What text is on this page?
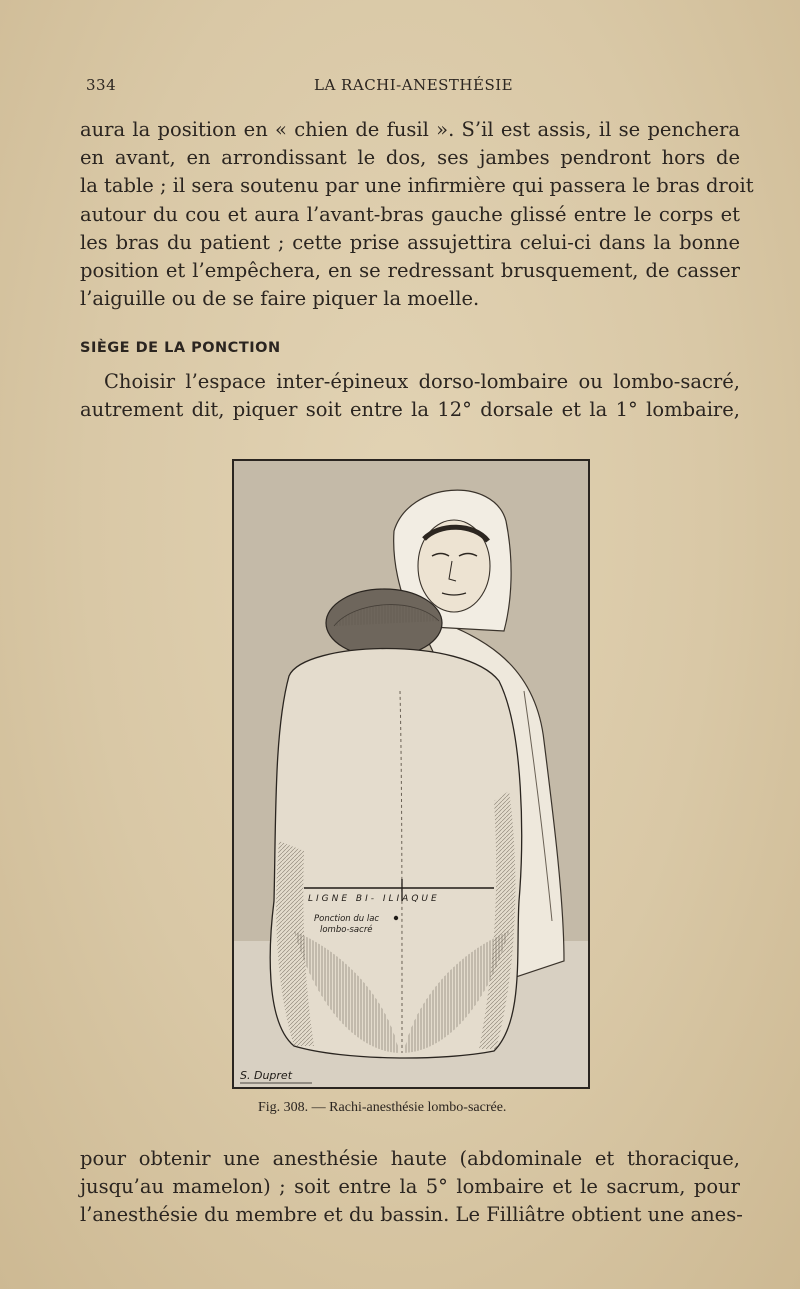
334	LA RACHI-ANESTHÉSIE
aura la position en « chien de fusil ». S’il est assis, il se penchera
en avant, en arrondissant le dos, ses jambes pendront hors de
la table ; il sera soutenu par une infirmière qui passera le bras droit
autour du cou et aura l’avant-bras gauche glissé entre le corps et
les bras du patient ; cette prise assujettira celui-ci dans la bonne
position et l’empêchera, en se redressant brusquement, de casser
l’aiguille ou de se faire piquer la moelle.
SIÈGE DE LA PONCTION
Choisir l’espace inter-épineux dorso-lombaire ou lombo-sacré,
autrement dit, piquer soit entre la 12° dorsale et la 1° lombaire,
LIGNE BI- ILIAQUE
Ponction du lac
lombo-sacré
S. Dupret
Fig. 308. — Rachi-anesthésie lombo-sacrée.
pour obtenir une anesthésie haute (abdominale et thoracique,
jusqu’au mamelon) ; soit entre la 5° lombaire et le sacrum, pour
l’anesthésie du membre et du bassin. Le Filliâtre obtient une anes-
